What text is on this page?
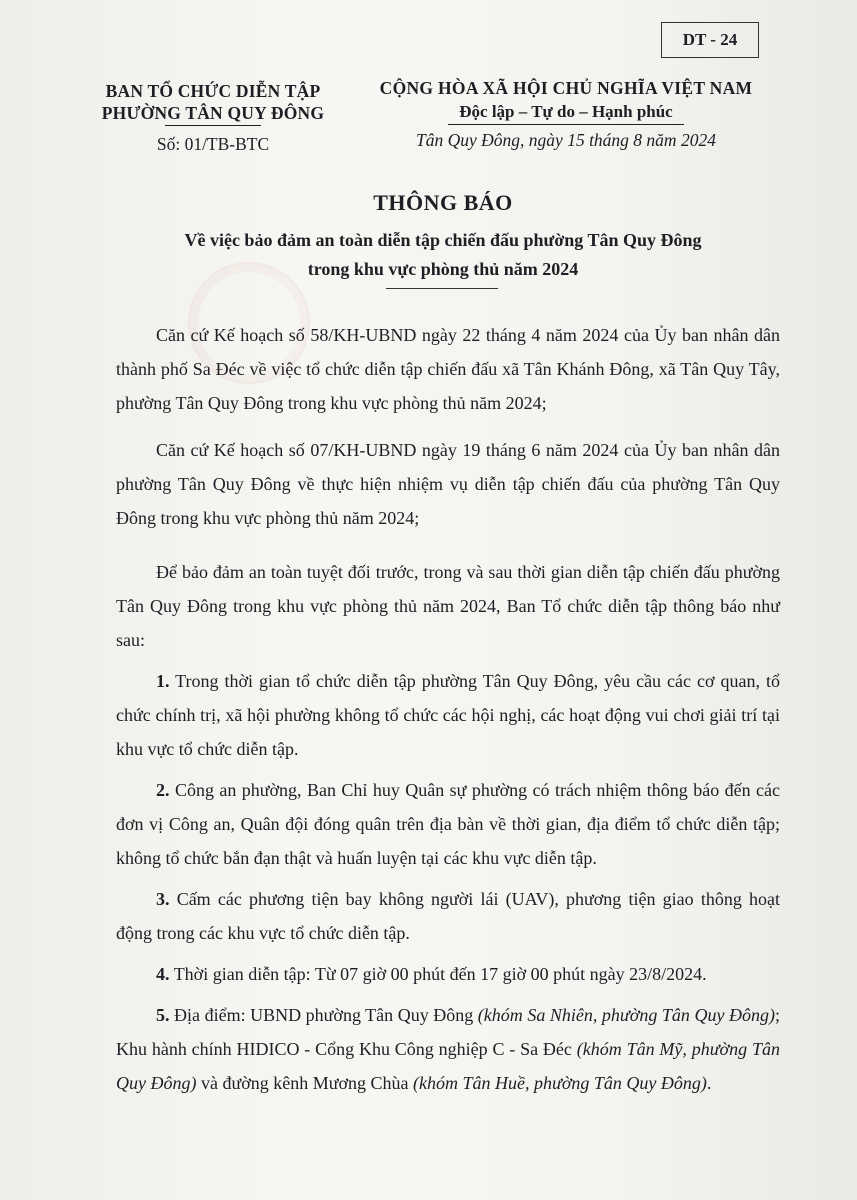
DT - 24
BAN TỔ CHỨC DIỄN TẬP
PHƯỜNG TÂN QUY ĐÔNG
Số: 01/TB-BTC
CỘNG HÒA XÃ HỘI CHỦ NGHĨA VIỆT NAM
Độc lập – Tự do – Hạnh phúc
Tân Quy Đông, ngày 15 tháng 8 năm 2024
THÔNG BÁO
Về việc bảo đảm an toàn diễn tập chiến đấu phường Tân Quy Đông
trong khu vực phòng thủ năm 2024

Căn cứ Kế hoạch số 58/KH-UBND ngày 22 tháng 4 năm 2024 của Ủy ban nhân dân thành phố Sa Đéc về việc tổ chức diễn tập chiến đấu xã Tân Khánh Đông, xã Tân Quy Tây, phường Tân Quy Đông trong khu vực phòng thủ năm 2024;

Căn cứ Kế hoạch số 07/KH-UBND ngày 19 tháng 6 năm 2024 của Ủy ban nhân dân phường Tân Quy Đông về thực hiện nhiệm vụ diễn tập chiến đấu của phường Tân Quy Đông trong khu vực phòng thủ năm 2024;

Để bảo đảm an toàn tuyệt đối trước, trong và sau thời gian diễn tập chiến đấu phường Tân Quy Đông trong khu vực phòng thủ năm 2024, Ban Tổ chức diễn tập thông báo như sau:

1. Trong thời gian tổ chức diễn tập phường Tân Quy Đông, yêu cầu các cơ quan, tổ chức chính trị, xã hội phường không tổ chức các hội nghị, các hoạt động vui chơi giải trí tại khu vực tổ chức diễn tập.

2. Công an phường, Ban Chỉ huy Quân sự phường có trách nhiệm thông báo đến các đơn vị Công an, Quân đội đóng quân trên địa bàn về thời gian, địa điểm tổ chức diễn tập; không tổ chức bắn đạn thật và huấn luyện tại các khu vực diễn tập.

3. Cấm các phương tiện bay không người lái (UAV), phương tiện giao thông hoạt động trong các khu vực tổ chức diễn tập.

4. Thời gian diễn tập: Từ 07 giờ 00 phút đến 17 giờ 00 phút ngày 23/8/2024.

5. Địa điểm: UBND phường Tân Quy Đông (khóm Sa Nhiên, phường Tân Quy Đông); Khu hành chính HIDICO - Cổng Khu Công nghiệp C - Sa Đéc (khóm Tân Mỹ, phường Tân Quy Đông) và đường kênh Mương Chùa (khóm Tân Huề, phường Tân Quy Đông).
